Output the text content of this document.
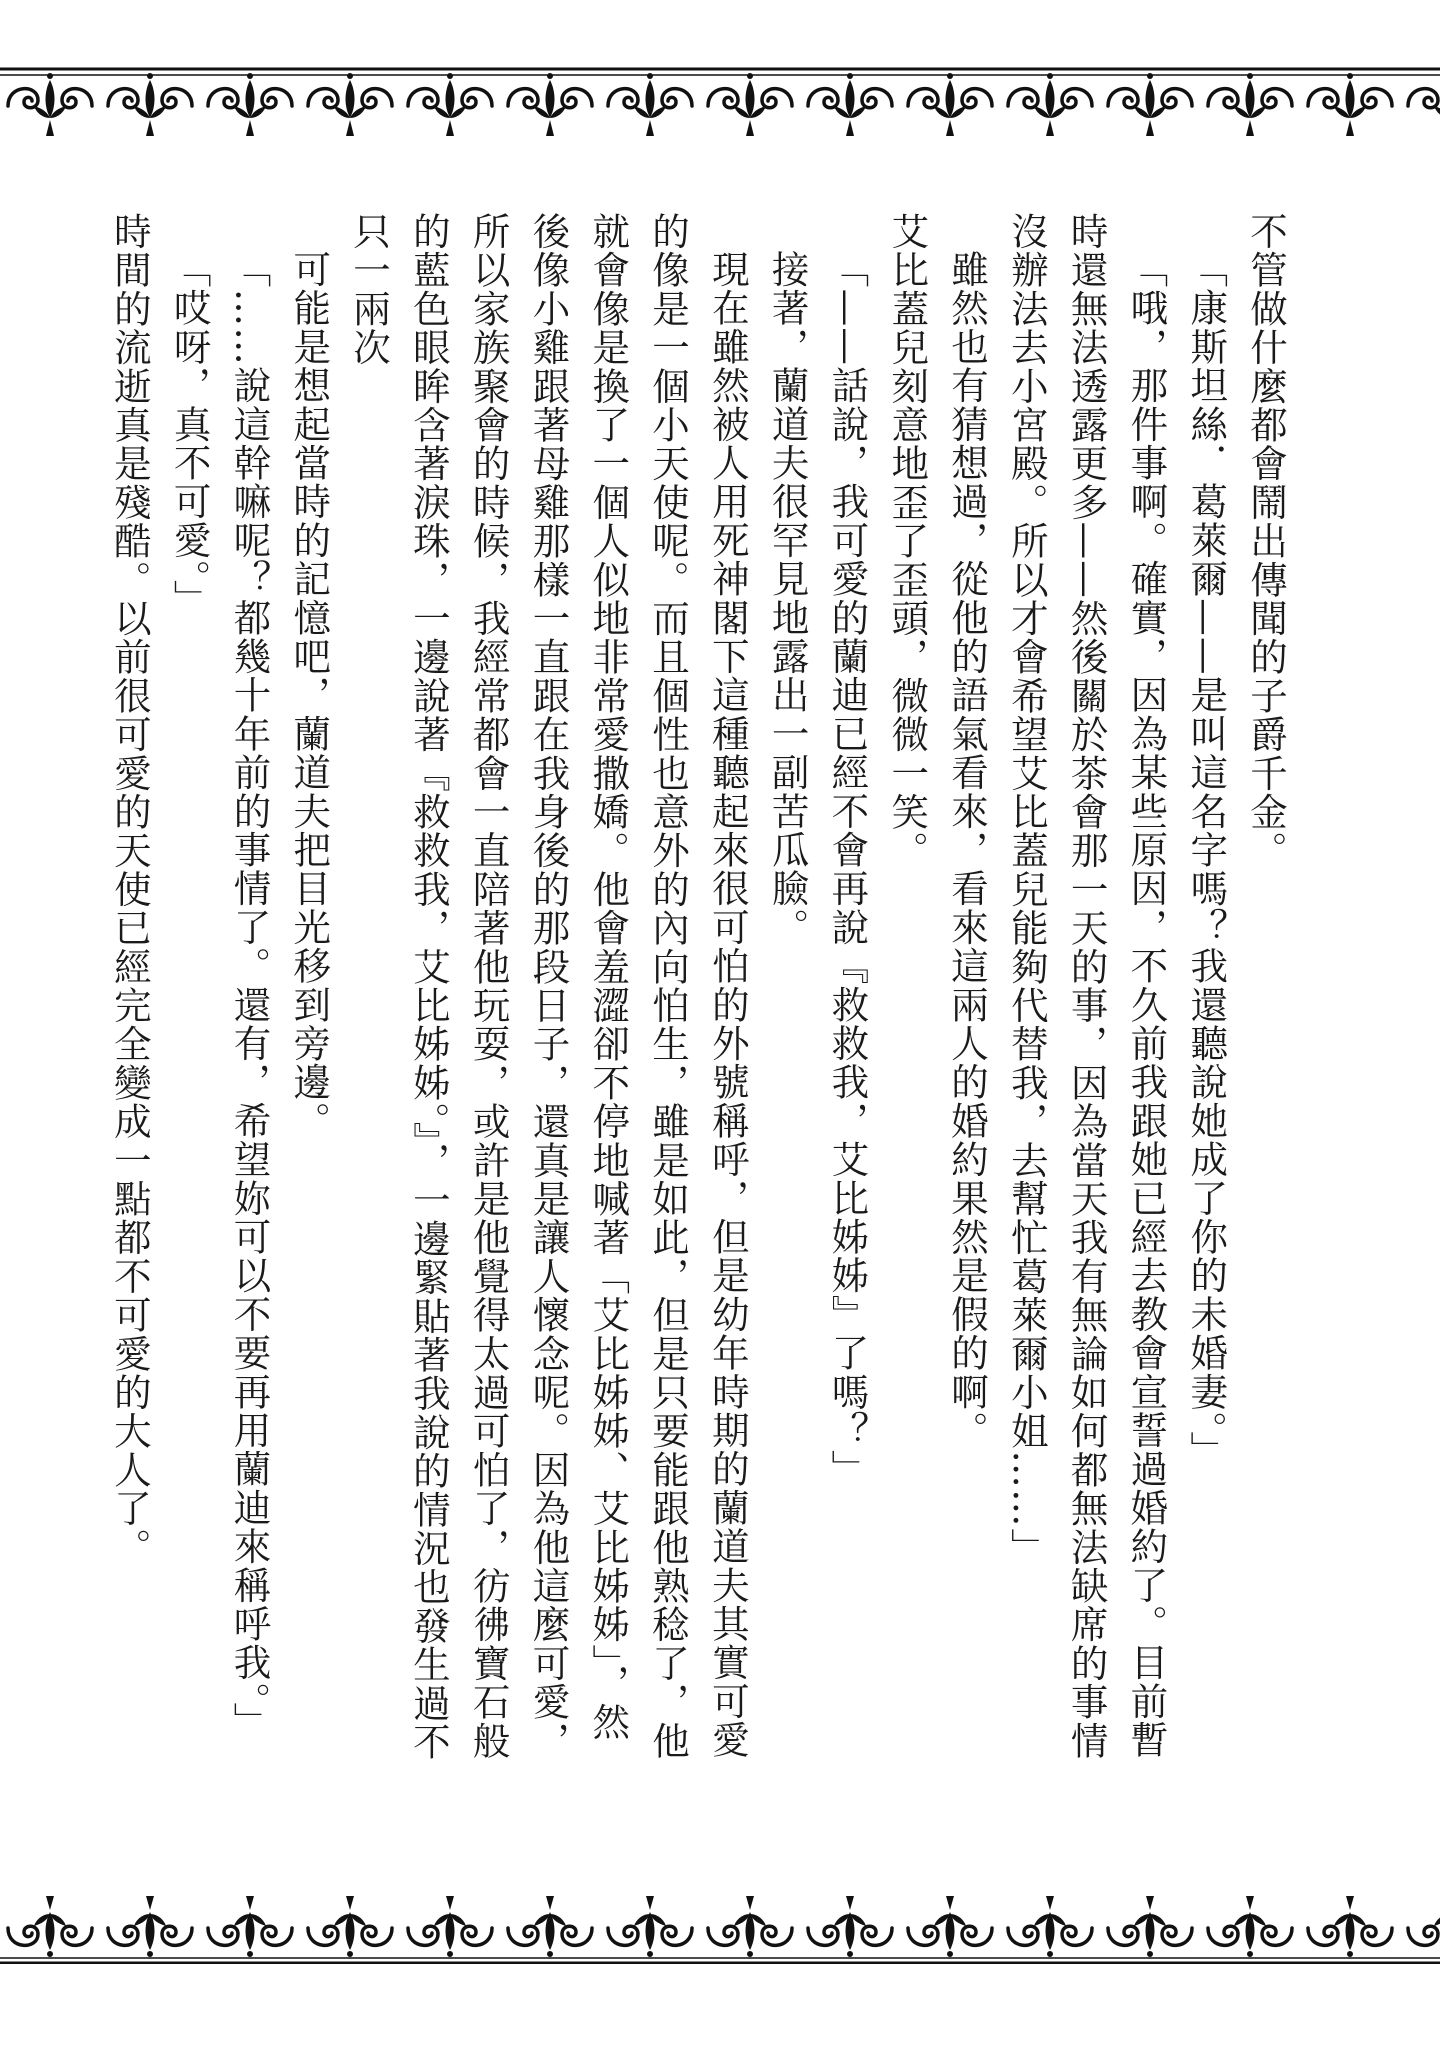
不管做什麼都會鬧出傳聞的子爵千金。

「康斯坦絲．葛萊爾——是叫這名字嗎？我還聽說她成了你的未婚妻。」

「哦，那件事啊。確實，因為某些原因，不久前我跟她已經去教會宣誓過婚約了。目前暫時還無法透露更多——然後關於茶會那一天的事，因為當天我有無論如何都無法缺席的事情沒辦法去小宮殿。所以才會希望艾比蓋兒能夠代替我，去幫忙葛萊爾小姐……」

雖然也有猜想過，從他的語氣看來，看來這兩人的婚約果然是假的啊。

艾比蓋兒刻意地歪了歪頭，微微一笑。

「——話說，我可愛的蘭迪已經不會再說『救救我，艾比姊姊』了嗎？」

接著，蘭道夫很罕見地露出一副苦瓜臉。

現在雖然被人用死神閣下這種聽起來很可怕的外號稱呼，但是幼年時期的蘭道夫其實可愛的像是一個小天使呢。而且個性也意外的內向怕生，雖是如此，但是只要能跟他熟稔了，他就會像是換了一個人似地非常愛撒嬌。他會羞澀卻不停地喊著「艾比姊姊、艾比姊姊」，然後像小雞跟著母雞那樣一直跟在我身後的那段日子，還真是讓人懷念呢。因為他這麼可愛，所以家族聚會的時候，我經常都會一直陪著他玩耍，或許是他覺得太過可怕了，彷彿寶石般的藍色眼眸含著淚珠，一邊說著『救救我，艾比姊姊。』，一邊緊貼著我說的情況也發生過不只一兩次

可能是想起當時的記憶吧，蘭道夫把目光移到旁邊。

「……說這幹嘛呢？都幾十年前的事情了。還有，希望妳可以不要再用蘭迪來稱呼我。」

「哎呀，真不可愛。」

時間的流逝真是殘酷。以前很可愛的天使已經完全變成一點都不可愛的大人了。
